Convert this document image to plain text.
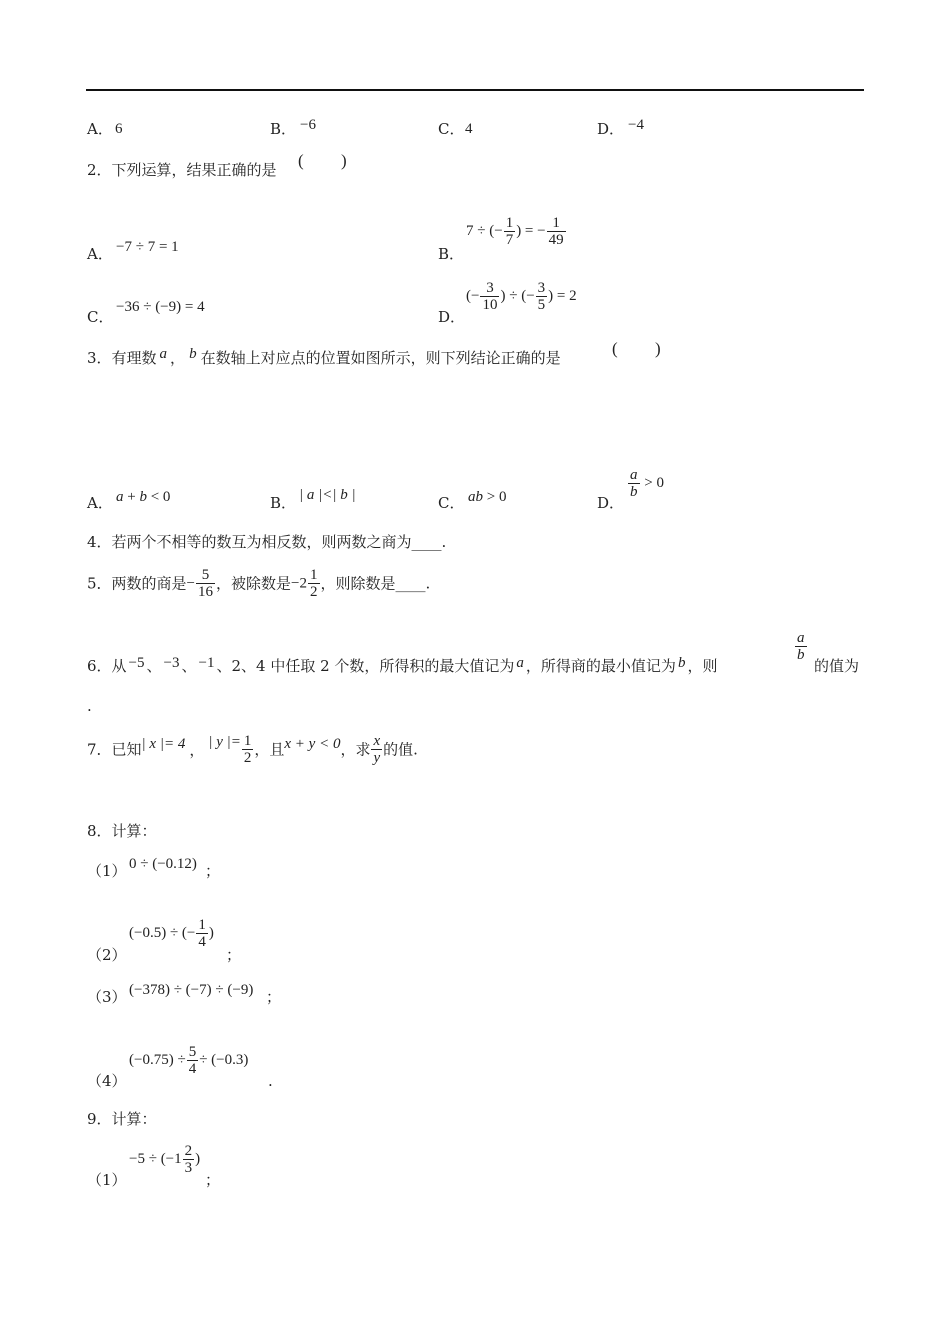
A． 6	B． −6	C． 4	D． −4
2．下列运算，结果正确的是 ( )
A． −7 ÷ 7 = 1	B．
7 ÷ (− $\frac{1}{7}$ ) = − $\frac{1}{49}$
C．
−36 ÷ (−9) = 4
D．
(− $\frac{3}{10}$ ) ÷ (− $\frac{3}{5}$ ) = 2
3．有理数 a ， b 在数轴上对应点的位置如图所示，则下列结论正确的是	( )
A． a + b < 0	B． | a |<| b |	C． ab > 0	D．
$\frac{a}{b} > 0$
4．若两个不相等的数互为相反数，则两数之商为____.
5．两数的商是− $\frac{5}{16}$ ，被除数是$-2 \frac{1}{2}$ ，则除数是____.
6．从 −5 、 −3 、 −1 、2、4 中任取 2 个数，所得积的最大值记为 a ，所得商的最小值记为 b ，则
$\frac{a}{b}$
的值为
.
7．已知| x |= 4 ， | y |= $\frac{1}{2}$ ，且x + y < 0，求 $\frac{x}{y}$ 的值.
8．计算：
（1） 0 ÷ (−0.12) ；
（2）
(−0.5) ÷ (− $\frac{1}{4}$ )
；
（3） (−378) ÷ (−7) ÷ (−9) ；
（4）
$(-0.75) \div \frac{5}{4} \div (-0.3)$
.
9．计算：
（1）
$-5 \div (-1 \frac{2}{3}$ )
；
